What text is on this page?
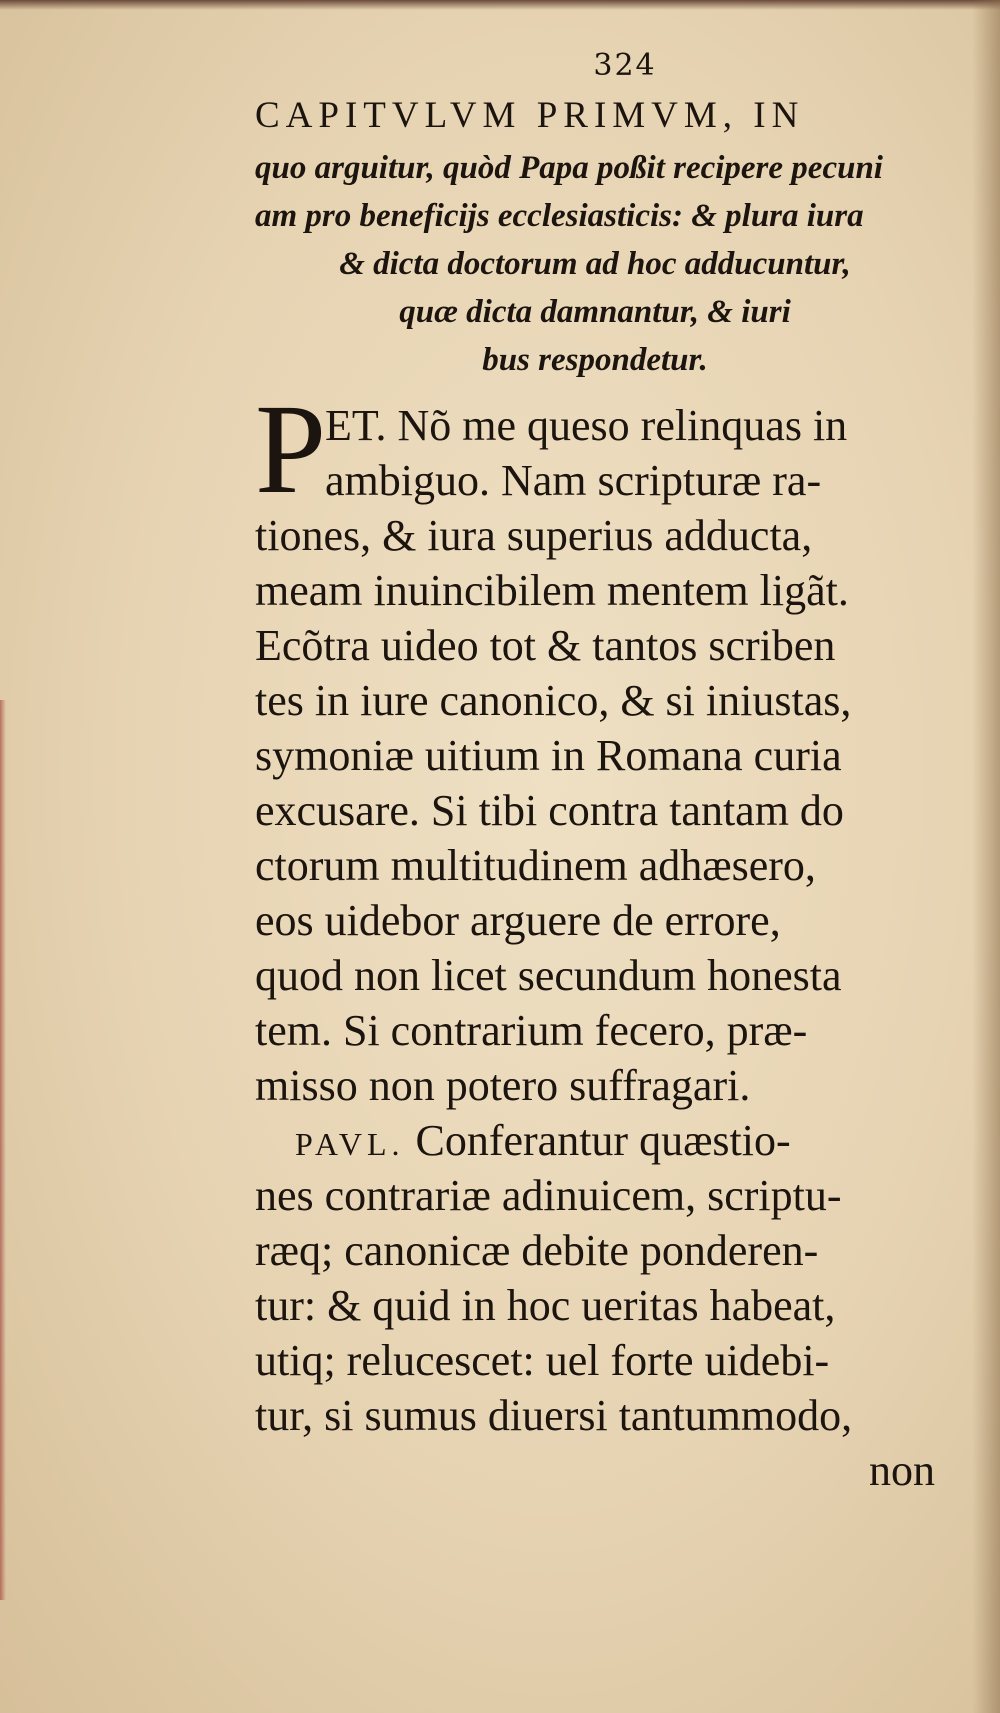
324
CAPITVLVM PRIMVM, IN
quo arguitur, quòd Papa poßit recipere pecuni
am pro beneficijs ecclesiasticis: & plura iura
& dicta doctorum ad hoc adducuntur,
quæ dicta damnantur, & iuri
bus respondetur.
P
ET. Nõ me queso relinquas in
ambiguo. Nam scripturæ ra-
tiones, & iura superius adducta,
meam inuincibilem mentem ligãt.
Ecõtra uideo tot & tantos scriben
tes in iure canonico, & si iniustas,
symoniæ uitium in Romana curia
excusare. Si tibi contra tantam do
ctorum multitudinem adhæsero,
eos uidebor arguere de errore,
quod non licet secundum honesta
tem. Si contrarium fecero, præ-
misso non potero suffragari.
PAVL. Conferantur quæstio-
nes contrariæ adinuicem, scriptu-
ræq; canonicæ debite ponderen-
tur: & quid in hoc ueritas habeat,
utiq; relucescet: uel forte uidebi-
tur, si sumus diuersi tantummodo,
non
